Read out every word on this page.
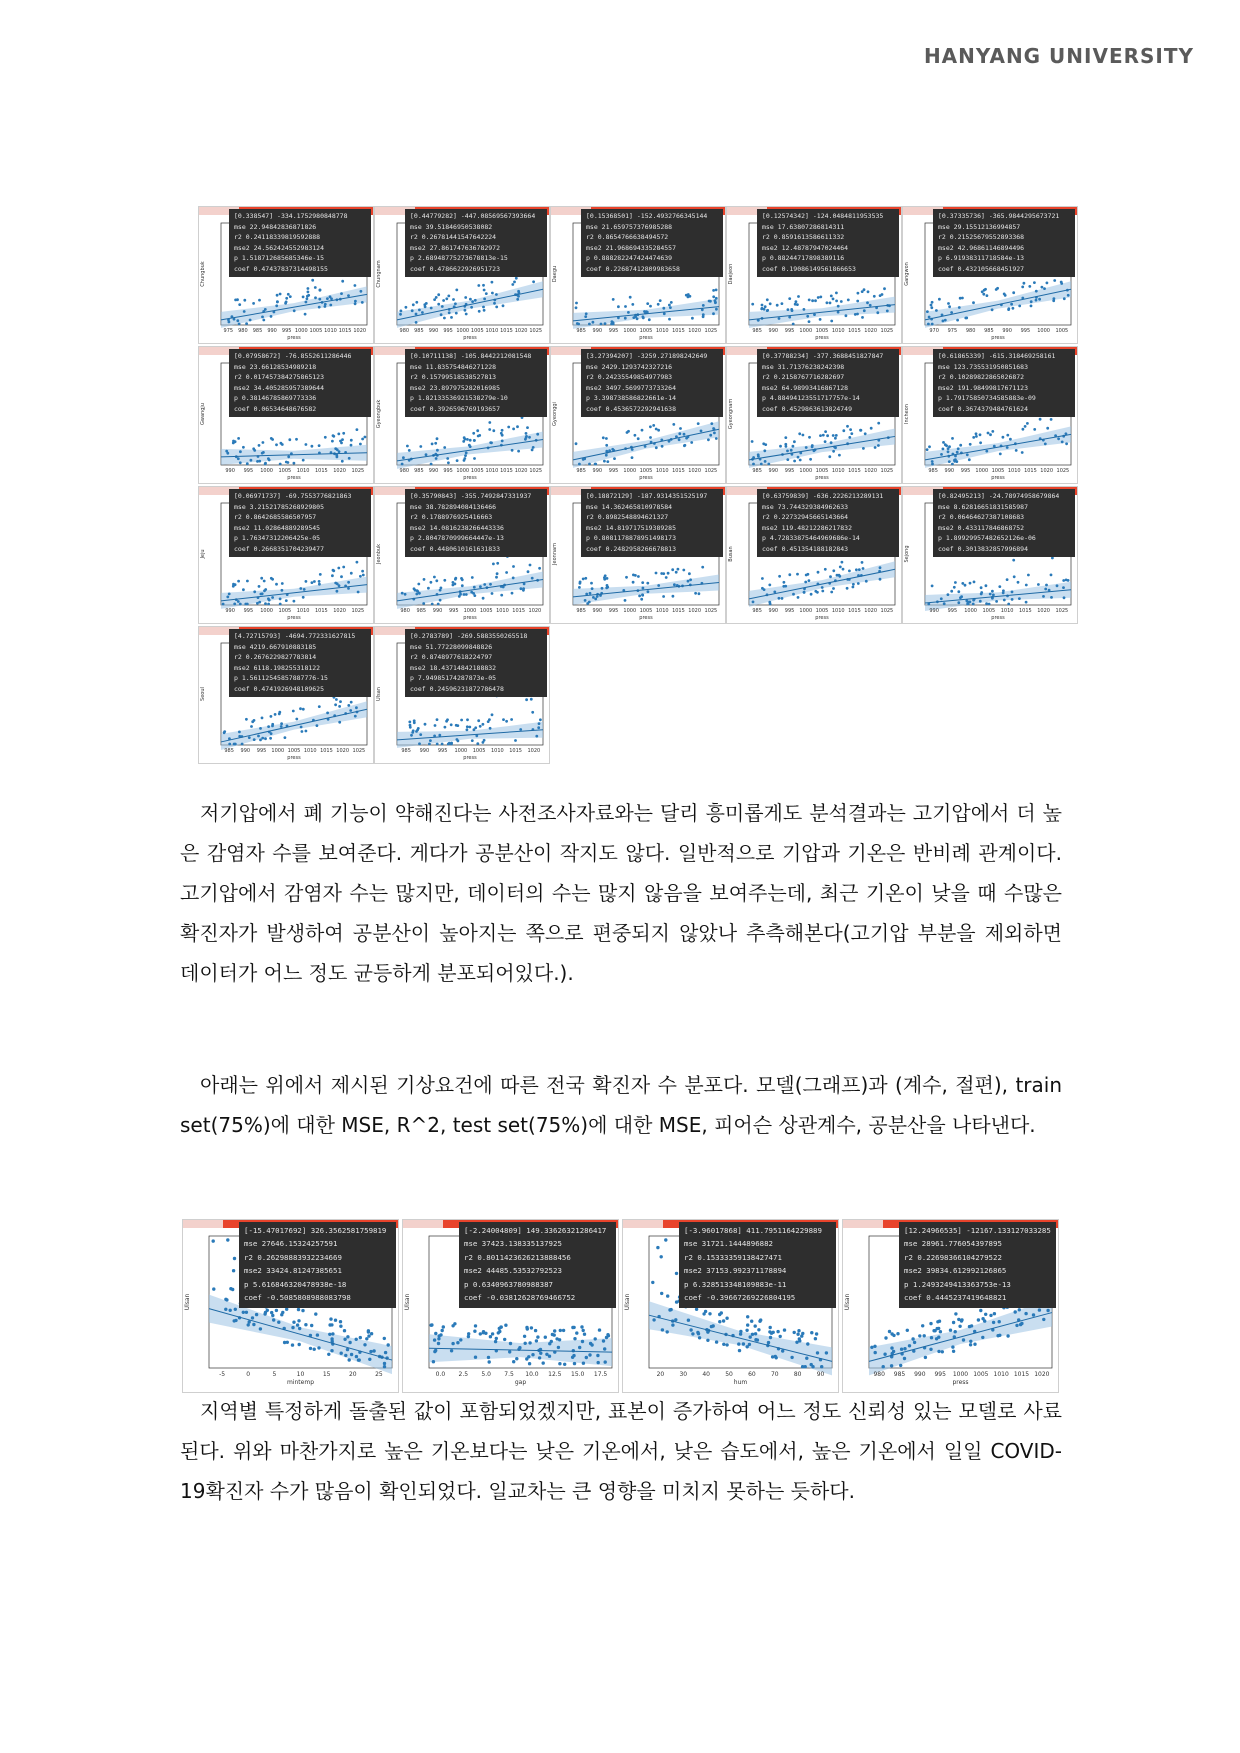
HANYANG UNIVERSITY
975 980 985 990 995 1000 1005 1010 1015 1020
press
Chungbuk
[0.338547] -334.1752980848778
mse 22.94842836871826
r2 0.24118339819592888
mse2 24.562424552983124
p 1.518712685685346e-15
coef 0.47437837314498155
980 985 990 995 1000 1005 1010 1015 1020 1025
press
Chungnam
[0.44779282] -447.08569567393664
mse 39.51846950538082
r2 0.26781441547642224
mse2 27.861747636782972
p 2.68948775273678813e-15
coef 0.4786622926951723
985 990 995 1000 1005 1010 1015 1020 1025
press
Daegu
[0.15368501] -152.4932766345144
mse 21.659757376985288
r2 0.8654766638494572
mse2 21.968694335284557
p 0.888282247424474639
coef 0.22687412809983658
985 990 995 1000 1005 1010 1015 1020 1025
press
Daejeon
[0.12574342] -124.0484811953535
mse 17.63807286814311
r2 0.8591613586611332
mse2 12.48787947024464
p 0.88244717898389116
coef 0.19086149561866653
970 975 980 985 990 995 1000 1005
press
Gangwon
[0.37335736] -365.9844295673721
mse 29.15512136994857
r2 0.21525679552893368
mse2 42.96861146894496
p 6.91938311718584e-13
coef 0.432105668451927
990 995 1000 1005 1010 1015 1020 1025
press
Gwangju
[0.07958672] -76.8552611286446
mse 23.66128534989218
r2 0.017457384275865123
mse2 34.405285957389644
p 0.38146785869773336
coef 0.06534648676582
980 985 990 995 1000 1005 1010 1015 1020 1025
press
Gyeongbuk
[0.10711138] -105.8442212081548
mse 11.835754846271228
r2 0.15799518538527813
mse2 23.897975282016985
p 1.82133536921538279e-10
coef 0.3926596769193657
985 990 995 1000 1005 1010 1015 1020 1025
press
Gyeonggi
[3.27394207] -3259.271898242649
mse 2429.1293742327216
r2 0.24235549854977983
mse2 3497.5699773733264
p 3.398738586822661e-14
coef 0.4536572292941638
985 990 995 1000 1005 1010 1015 1020 1025
press
Gyeongnam
[0.37788234] -377.3688451827847
mse 31.71376238242398
r2 0.2158767716282697
mse2 64.98993416867128
p 4.88494123551717757e-14
coef 0.4529863613824749
985 990 995 1000 1005 1010 1015 1020 1025
press
Incheon
[0.61865339] -615.318469258161
mse 123.735531950851683
r2 0.10289822865026872
mse2 191.98499817671123
p 1.79175850734585883e-09
coef 0.3674379484761624
990 995 1000 1005 1010 1015 1020 1025
press
Jeju
[0.06971737] -69.7553776821863
mse 3.21521785268929805
r2 0.8642685586507957
mse2 11.02864889289545
p 1.76347312206425e-05
coef 0.2668351704239477
980 985 990 995 1000 1005 1010 1015 1020
press
Jeonbuk
[0.35790843] -355.7492847331937
mse 38.782894084136466
r2 0.1788976925416663
mse2 14.0816238266443336
p 2.8047870999664447e-13
coef 0.4480610161631833
985 990 995 1000 1005 1010 1015 1020 1025
press
Jeonnam
[0.18872129] -187.9314351525197
mse 14.362465810978584
r2 0.8982548894621327
mse2 14.819717519389285
p 0.8081178878951498173
coef 0.2482958266678813
985 990 995 1000 1005 1010 1015 1020 1025
press
Busan
[0.63759839] -636.2226213289131
mse 73.744329384962633
r2 0.22732945665143664
mse2 119.48212286217832
p 4.72833875464969686e-14
coef 0.451354188182843
990 995 1000 1005 1010 1015 1020 1025
press
Sejong
[0.82495213] -24.78974958679864
mse 8.62816651831585987
r2 0.06464627387108683
mse2 0.433117846868752
p 1.89929957482652126e-06
coef 0.3013832857996894
985 990 995 1000 1005 1010 1015 1020 1025
press
Seoul
[4.72715793] -4694.772331627815
mse 4219.667910883185
r2 0.2676229827783814
mse2 6118.198255318122
p 1.56112545857887776-15
coef 0.4741926948109625
985 990 995 1000 1005 1010 1015 1020
press
Ulsan
[0.2783789] -269.5883550265518
mse 51.77228099848826
r2 0.8748977618224797
mse2 18.43714842188832
p 7.94985174287873e-05
coef 0.24596231872786478

저기압에서 폐 기능이 약해진다는 사전조사자료와는 달리 흥미롭게도 분석결과는 고기압에서 더 높은 감염자 수를 보여준다. 게다가 공분산이 작지도 않다. 일반적으로 기압과 기온은 반비례 관계이다. 고기압에서 감염자 수는 많지만, 데이터의 수는 많지 않음을 보여주는데, 최근 기온이 낮을 때 수많은 확진자가 발생하여 공분산이 높아지는 쪽으로 편중되지 않았나 추측해본다(고기압 부분을 제외하면 데이터가 어느 정도 균등하게 분포되어있다.).

아래는 위에서 제시된 기상요건에 따른 전국 확진자 수 분포다. 모델(그래프)과 (계수, 절편), train set(75%)에 대한 MSE, R^2, test set(75%)에 대한 MSE, 피어슨 상관계수, 공분산을 나타낸다.

-5	0	5	10	15	20	25
mintemp
Ulsan
[-15.47017692] 326.3562581759819
mse 27646.15324257591
r2 0.26298883932234669
mse2 33424.81247385651
p 5.616846320478938e-18
coef -0.5085808988083798
0.0 2.5 5.0 7.5 10.0 12.5 15.0 17.5
gap
Ulsan
[-2.24004809] 149.33626321286417
mse 37423.138335137925
r2 0.8011423626213888456
mse2 44485.53532792523
p 0.6340963780988387
coef -0.03812628769466752
20	30	40	50	60	70	80	90
hum
Ulsan
[-3.96017868] 411.7951164229889
mse 31721.1444896882
r2 0.15333359138427471
mse2 37153.992371178894
p 6.328513348109883e-11
coef -0.39667269226804195
980 985 990 995 1000 1005 1010 1015 1020
press
Ulsan
[12.24966535] -12167.133127033285
mse 28961.776054397895
r2 0.22698366104279522
mse2 39834.612992126865
p 1.2493249413363753e-13
coef 0.4445237419648821

지역별 특정하게 돌출된 값이 포함되었겠지만, 표본이 증가하여 어느 정도 신뢰성 있는 모델로 사료 된다. 위와 마찬가지로 높은 기온보다는 낮은 기온에서, 낮은 습도에서, 높은 기온에서 일일 COVID-19확진자 수가 많음이 확인되었다. 일교차는 큰 영향을 미치지 못하는 듯하다.
